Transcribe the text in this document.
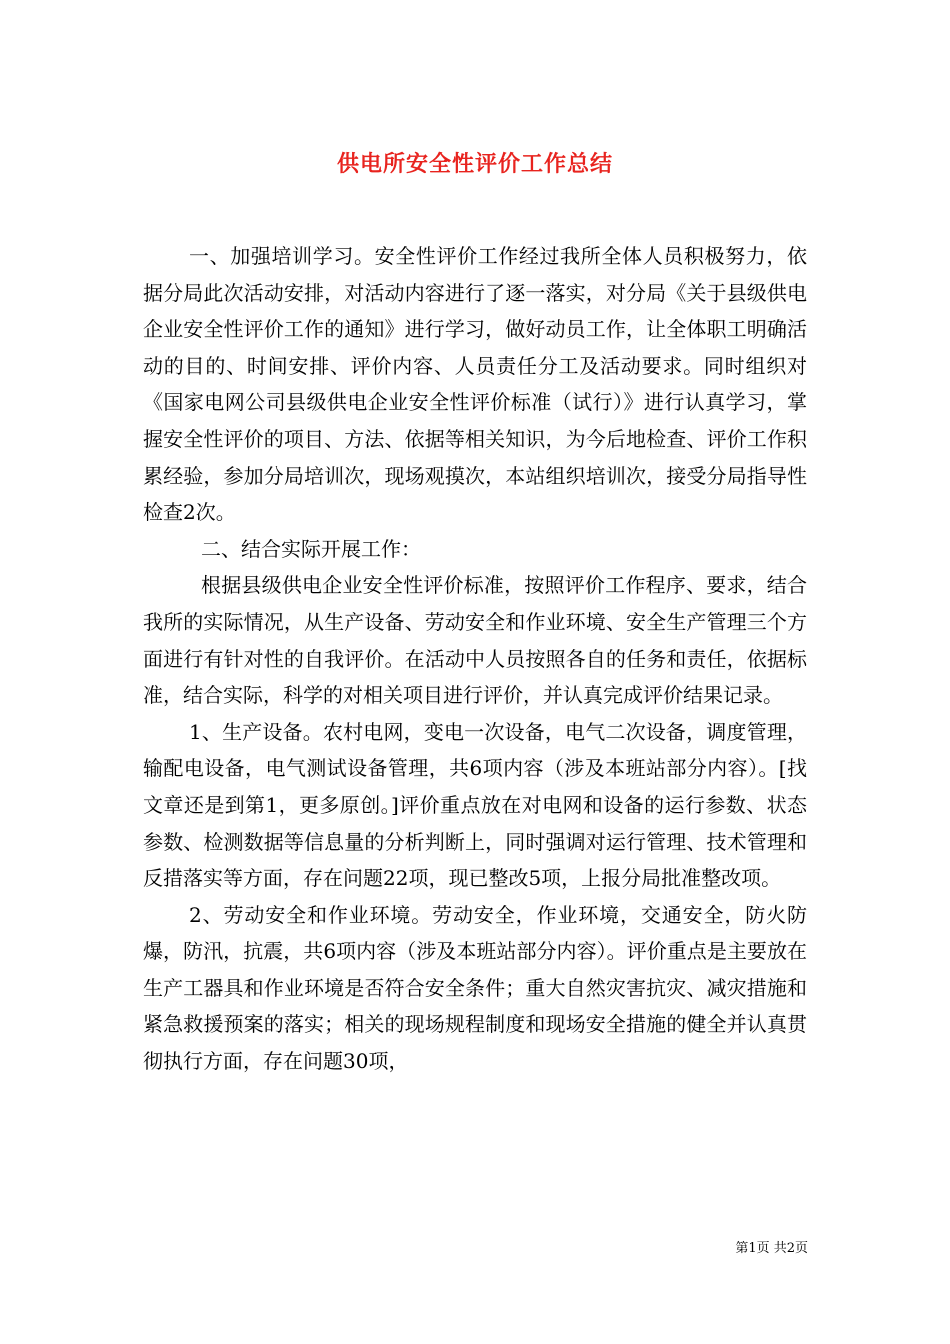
供电所安全性评价工作总结

一、加强培训学习。安全性评价工作经过我所全体人员积极努力，依据分局此次活动安排，对活动内容进行了逐一落实，对分局《关于县级供电企业安全性评价工作的通知》进行学习，做好动员工作，让全体职工明确活动的目的、时间安排、评价内容、人员责任分工及活动要求。同时组织对《国家电网公司县级供电企业安全性评价标准（试行）》进行认真学习，掌握安全性评价的项目、方法、依据等相关知识，为今后地检查、评价工作积累经验，参加分局培训次，现场观摸次，本站组织培训次，接受分局指导性检查2次。

二、结合实际开展工作：

根据县级供电企业安全性评价标准，按照评价工作程序、要求，结合我所的实际情况，从生产设备、劳动安全和作业环境、安全生产管理三个方面进行有针对性的自我评价。在活动中人员按照各自的任务和责任，依据标准，结合实际，科学的对相关项目进行评价，并认真完成评价结果记录。

1、生产设备。农村电网，变电一次设备，电气二次设备，调度管理，输配电设备，电气测试设备管理，共6项内容（涉及本班站部分内容）。[找文章还是到第1，更多原创。]评价重点放在对电网和设备的运行参数、状态参数、检测数据等信息量的分析判断上，同时强调对运行管理、技术管理和反措落实等方面，存在问题22项，现已整改5项，上报分局批准整改项。

2、劳动安全和作业环境。劳动安全，作业环境，交通安全，防火防爆，防汛，抗震，共6项内容（涉及本班站部分内容）。评价重点是主要放在生产工器具和作业环境是否符合安全条件；重大自然灾害抗灾、减灾措施和紧急救援预案的落实；相关的现场规程制度和现场安全措施的健全并认真贯彻执行方面，存在问题30项，

第1页 共2页
